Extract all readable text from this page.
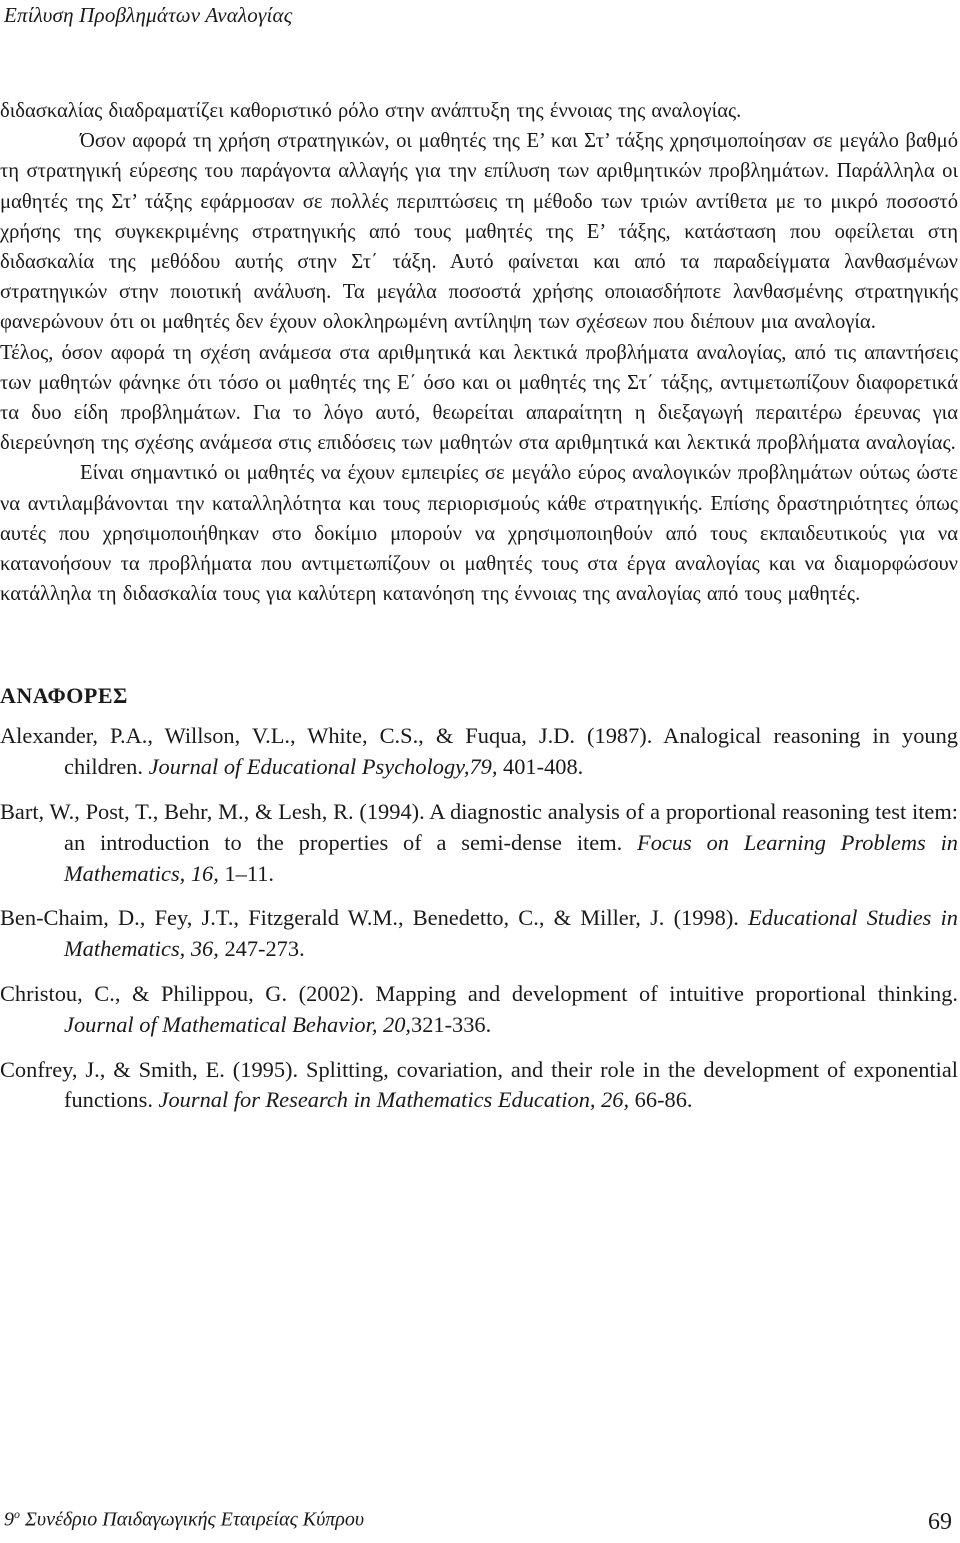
Επίλυση Προβλημάτων Αναλογίας

διδασκαλίας διαδραματίζει καθοριστικό ρόλο στην ανάπτυξη της έννοιας της αναλογίας.

Όσον αφορά τη χρήση στρατηγικών, οι μαθητές της Ε’ και Στ’ τάξης χρησιμοποίησαν σε μεγάλο βαθμό τη στρατηγική εύρεσης του παράγοντα αλλαγής για την επίλυση των αριθμητικών προβλημάτων. Παράλληλα οι μαθητές της Στ’ τάξης εφάρμοσαν σε πολλές περιπτώσεις τη μέθοδο των τριών αντίθετα με το μικρό ποσοστό χρήσης της συγκεκριμένης στρατηγικής από τους μαθητές της Ε’ τάξης, κατάσταση που οφείλεται στη διδασκαλία της μεθόδου αυτής στην Στ΄ τάξη. Αυτό φαίνεται και από τα παραδείγματα λανθασμένων στρατηγικών στην ποιοτική ανάλυση. Τα μεγάλα ποσοστά χρήσης οποιασδήποτε λανθασμένης στρατηγικής φανερώνουν ότι οι μαθητές δεν έχουν ολοκληρωμένη αντίληψη των σχέσεων που διέπουν μια αναλογία.

Τέλος, όσον αφορά τη σχέση ανάμεσα στα αριθμητικά και λεκτικά προβλήματα αναλογίας, από τις απαντήσεις των μαθητών φάνηκε ότι τόσο οι μαθητές της Ε΄ όσο και οι μαθητές της Στ΄ τάξης, αντιμετωπίζουν διαφορετικά τα δυο είδη προβλημάτων. Για το λόγο αυτό, θεωρείται απαραίτητη η διεξαγωγή περαιτέρω έρευνας για διερεύνηση της σχέσης ανάμεσα στις επιδόσεις των μαθητών στα αριθμητικά και λεκτικά προβλήματα αναλογίας.

Είναι σημαντικό οι μαθητές να έχουν εμπειρίες σε μεγάλο εύρος αναλογικών προβλημάτων ούτως ώστε να αντιλαμβάνονται την καταλληλότητα και τους περιορισμούς κάθε στρατηγικής. Επίσης δραστηριότητες όπως αυτές που χρησιμοποιήθηκαν στο δοκίμιο μπορούν να χρησιμοποιηθούν από τους εκπαιδευτικούς για να κατανοήσουν τα προβλήματα που αντιμετωπίζουν οι μαθητές τους στα έργα αναλογίας και να διαμορφώσουν κατάλληλα τη διδασκαλία τους για καλύτερη κατανόηση της έννοιας της αναλογίας από τους μαθητές.

ΑΝΑΦΟΡΕΣ

Alexander, P.A., Willson, V.L., White, C.S., & Fuqua, J.D. (1987). Analogical reasoning in young children. Journal of Educational Psychology,79, 401-408.

Bart, W., Post, T., Behr, M., & Lesh, R. (1994). A diagnostic analysis of a proportional reasoning test item: an introduction to the properties of a semi-dense item. Focus on Learning Problems in Mathematics, 16, 1–11.

Ben-Chaim, D., Fey, J.T., Fitzgerald W.M., Benedetto, C., & Miller, J. (1998). Educational Studies in Mathematics, 36, 247-273.

Christou, C., & Philippou, G. (2002). Mapping and development of intuitive proportional thinking. Journal of Mathematical Behavior, 20,321-336.

Confrey, J., & Smith, E. (1995). Splitting, covariation, and their role in the development of exponential functions. Journal for Research in Mathematics Education, 26, 66-86.

$9^o$ Συνέδριο Παιδαγωγικής Εταιρείας Κύπρου	69
